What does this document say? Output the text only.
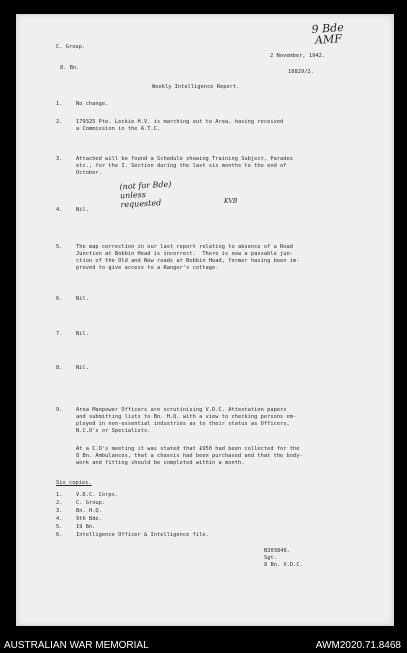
C. Group.
2 November, 1942.
8. Bn.
10829/2.
Weekly Intelligence Report.
1.	No change.
2.	179325 Pte. Leckie H.V. is marching out to Area, having received
a Commission in the A.T.C.
3.	Attached will be found a Schedule showing Training Subject, Parades
etc., for the I. Section during the last six months to the end of
October.
4.	Nil.
5.	The map correction in our last report relating to absence of a Road
Junction at Bobbin Head is incorrect.  There is now a passable jun-
ction of the Old and New roads at Bobbin Head, former having been im-
proved to give access to a Ranger's cottage.
6.	Nil.
7.	Nil.
8.	Nil.
9.	Area Manpower Officers are scrutinising V.D.C. Attestation papers
and submitting lists to Bn. H.Q. with a view to checking persons em-
ployed in non-essential industries as to their status as Officers,
N.C.O's or Specialists.
At a C.O's meeting it was stated that £950 had been collected for the
8 Bn. Ambulances, that a chassis had been purchased and that the body-
work and fitting should be completed within a month.
Six copies.
1.	V.D.C. Corps.
2.	C. Group.
3.	Bn. H.Q.
4.	9th Bde.
5.	19 Bn.
6.	Intelligence Officer & Intelligence file.
N303849,
Sgt.
8 Bn. V.D.C.
9 Bde
AMF
(not for Bde)
unless
requested	KVB
AUSTRALIAN WAR MEMORIAL	AWM2020.71.8468
